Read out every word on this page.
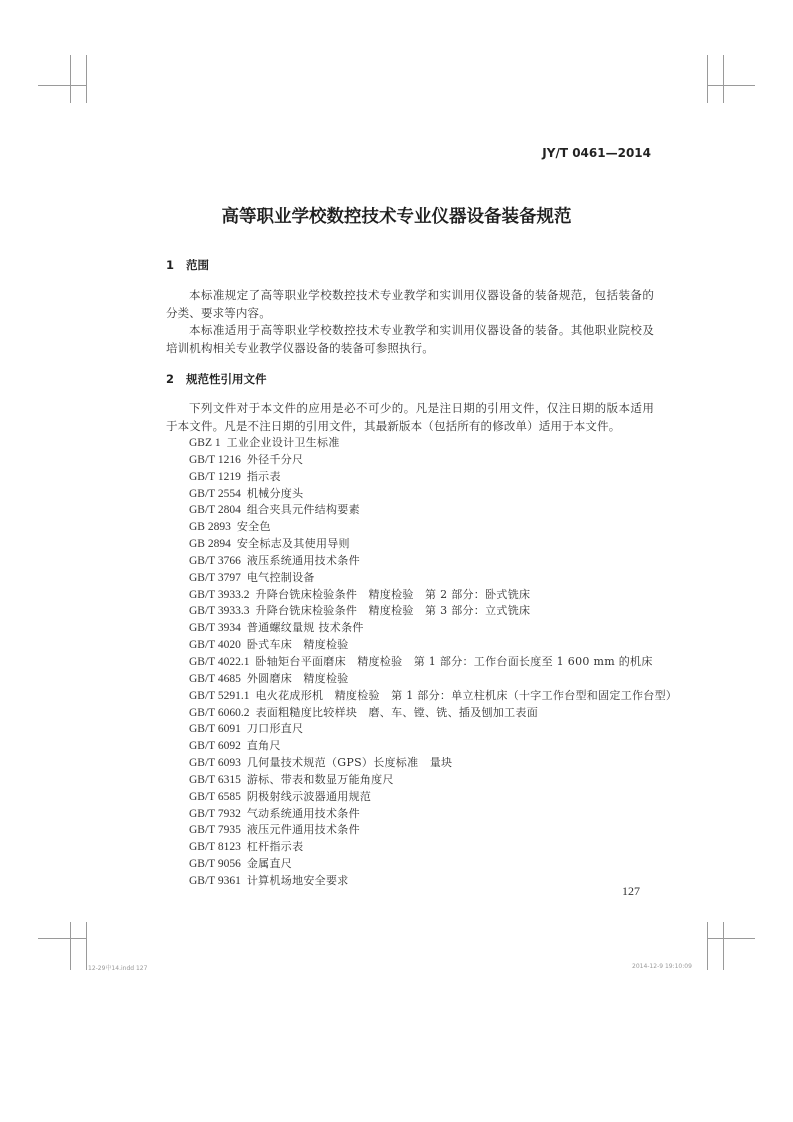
JY/T 0461—2014
高等职业学校数控技术专业仪器设备装备规范
1 范围

本标准规定了高等职业学校数控技术专业教学和实训用仪器设备的装备规范，包括装备的分类、要求等内容。

本标准适用于高等职业学校数控技术专业教学和实训用仪器设备的装备。其他职业院校及培训机构相关专业教学仪器设备的装备可参照执行。

2 规范性引用文件

下列文件对于本文件的应用是必不可少的。凡是注日期的引用文件，仅注日期的版本适用于本文件。凡是不注日期的引用文件，其最新版本（包括所有的修改单）适用于本文件。

GBZ 1 工业企业设计卫生标准
GB/T 1216 外径千分尺
GB/T 1219 指示表
GB/T 2554 机械分度头
GB/T 2804 组合夹具元件结构要素
GB 2893 安全色
GB 2894 安全标志及其使用导则
GB/T 3766 液压系统通用技术条件
GB/T 3797 电气控制设备
GB/T 3933.2 升降台铣床检验条件　精度检验　第 2 部分：卧式铣床
GB/T 3933.3 升降台铣床检验条件　精度检验　第 3 部分：立式铣床
GB/T 3934 普通螺纹量规 技术条件
GB/T 4020 卧式车床　精度检验
GB/T 4022.1 卧轴矩台平面磨床　精度检验　第 1 部分：工作台面长度至 1 600 mm 的机床
GB/T 4685 外圆磨床　精度检验
GB/T 5291.1 电火花成形机　精度检验　第 1 部分：单立柱机床（十字工作台型和固定工作台型）
GB/T 6060.2 表面粗糙度比较样块　磨、车、镗、铣、插及刨加工表面
GB/T 6091 刀口形直尺
GB/T 6092 直角尺
GB/T 6093 几何量技术规范（GPS）长度标准　量块
GB/T 6315 游标、带表和数显万能角度尺
GB/T 6585 阴极射线示波器通用规范
GB/T 7932 气动系统通用技术条件
GB/T 7935 液压元件通用技术条件
GB/T 8123 杠杆指示表
GB/T 9056 金属直尺
GB/T 9361 计算机场地安全要求
127
12-29中14.indd 127	2014-12-9 19:10:09
